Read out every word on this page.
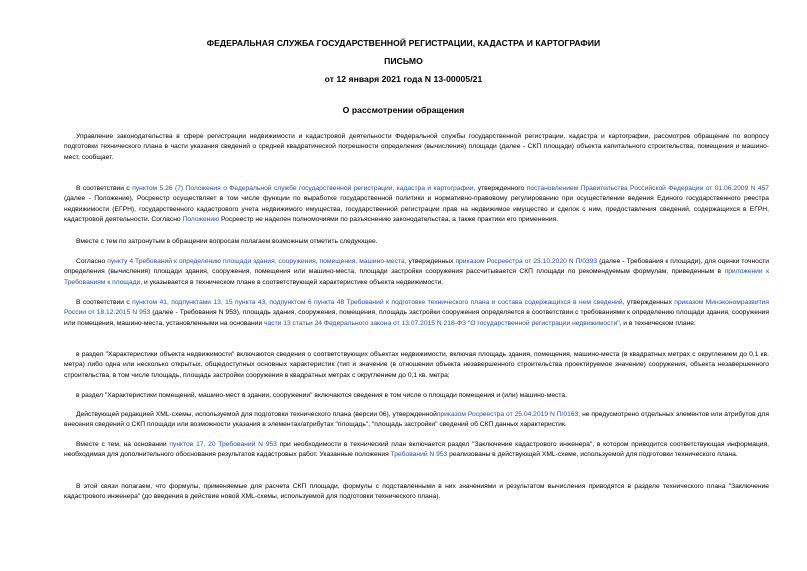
ФЕДЕРАЛЬНАЯ СЛУЖБА ГОСУДАРСТВЕННОЙ РЕГИСТРАЦИИ, КАДАСТРА И КАРТОГРАФИИ
ПИСЬМО
от 12 января 2021 года N 13-00005/21
О рассмотрении обращения

Управление законодательства в сфере регистрации недвижимости и кадастровой деятельности Федеральной службы государственной регистрации, кадастра и картографии, рассмотрев обращение по вопросу подготовки технического плана в части указания сведений о средней квадратической погрешности определения (вычисления) площади (далее - СКП площади) объекта капитального строительства, помещения и машино-мест, сообщает.

В соответствии с пунктом 5.26 (7) Положения о Федеральной службе государственной регистрации, кадастра и картографии, утвержденного постановлением Правительства Российской Федерации от 01.06.2009 N 457 (далее - Положение), Росреестр осуществляет в том числе функции по выработке государственной политики и нормативно-правовому регулированию при осуществлении ведения Единого государственного реестра недвижимости (ЕГРН), государственного кадастрового учета недвижимого имущества, государственной регистрации прав на недвижимое имущество и сделок с ним, предоставления сведений, содержащихся в ЕГРН, кадастровой деятельности. Согласно Положению Росреестр не наделен полномочиями по разъяснению законодательства, а также практики его применения.

Вместе с тем по затронутым в обращении вопросам полагаем возможным отметить следующее.

Согласно пункту 4 Требований к определению площади здания, сооружения, помещения, машино-места, утвержденных приказом Росреестра от 23.10.2020 N П/0393 (далее - Требования к площади), для оценки точности определения (вычисления) площади здания, сооружения, помещения или машино-места, площади застройки сооружения рассчитывается СКП площади по рекомендуемым формулам, приведенным в приложении к Требованиям к площади, и указывается в техническом плане в соответствующей характеристике объекта недвижимости.

В соответствии с пунктом 41, подпунктами 13, 15 пункта 43, подпунктом 6 пункта 48 Требований к подготовке технического плана и состава содержащихся в нем сведений, утвержденных приказом Минэкономразвития России от 18.12.2015 N 953 (далее - Требования N 953), площадь здания, сооружения, помещения, площадь застройки сооружения определяется в соответствии с требованиями к определению площади здания, сооружения или помещения, машино-места, установленными на основании части 13 статьи 24 Федерального закона от 13.07.2015 N 218-ФЗ "О государственной регистрации недвижимости", и в техническом плане:

в раздел "Характеристики объекта недвижимости" включаются сведения о соответствующих объектах недвижимости, включая площадь здания, помещения, машино-места (в квадратных метрах с округлением до 0,1 кв. метра) либо одна или несколько открытых, общедоступных основных характеристик (тип и значение (в отношении объекта незавершенного строительства проектируемое значение) сооружения, объекта незавершенного строительства, в том числе площадь, площадь застройки сооружения в квадратных метрах с округлением до 0,1 кв. метра;

в раздел "Характеристики помещений, машино-мест в здании, сооружении" включаются сведения в том числе о площади помещения и (или) машино-места.

Действующей редакцией XML-схемы, используемой для подготовки технического плана (версии 06), утвержденнойприказом Росреестра от 25.04.2019 N П/0163, не предусмотрено отдельных элементов или атрибутов для внесения сведений о СКП площади или возможности указания в элементах/атрибутах "площадь", "площадь застройки" сведений об СКП данных характеристик.

Вместе с тем, на основании пунктов 17, 20 Требований N 953 при необходимости в технический план включается раздел "Заключение кадастрового инженера", в котором приводится соответствующая информация, необходимая для дополнительного обоснования результатов кадастровых работ. Указанные положения Требований N 953 реализованы в действующей XML-схеме, используемой для подготовки технического плана.

В этой связи полагаем, что формулы, применяемые для расчета СКП площади, формулы с подставленными в них значениями и результатом вычисления приводятся в разделе технического плана "Заключение кадастрового инженера" (до введения в действие новой XML-схемы, используемой для подготовки технического плана).
